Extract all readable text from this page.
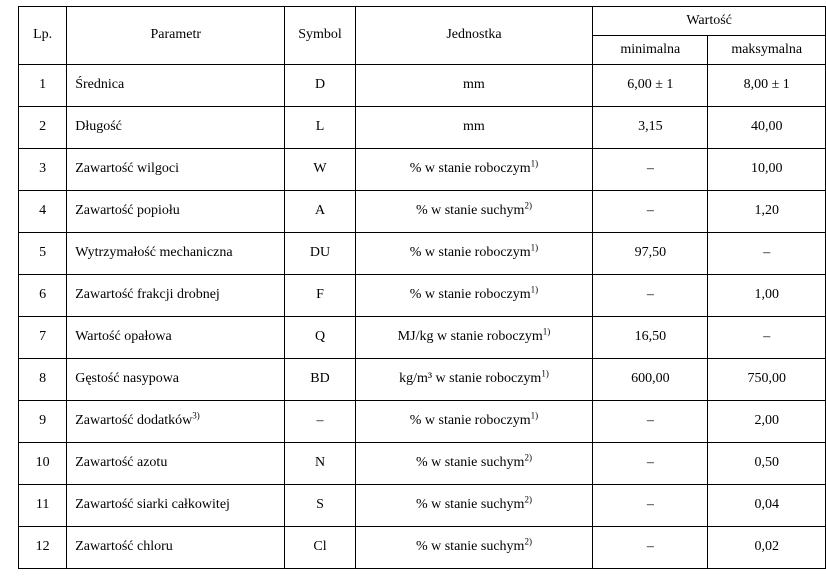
Lp.	Parametr	Symbol	Jednostka	Wartość	
				minimalna	maksymalna
1	Średnica	D	mm	6,00 ± 1	8,00 ± 1
2	Długość	L	mm	3,15	40,00
3	Zawartość wilgoci	W	% w stanie roboczym$^{1)}$	–	10,00
4	Zawartość popiołu	A	% w stanie suchym$^{2)}$	–	1,20
5	Wytrzymałość mechaniczna	DU	% w stanie roboczym$^{1)}$	97,50	–
6	Zawartość frakcji drobnej	F	% w stanie roboczym$^{1)}$	–	1,00
7	Wartość opałowa	Q	MJ/kg w stanie roboczym$^{1)}$	16,50	–
8	Gęstość nasypowa	BD	kg/m³ w stanie roboczym$^{1)}$	600,00	750,00
9	Zawartość dodatków$^{3)}$	–	% w stanie roboczym$^{1)}$	–	2,00
10	Zawartość azotu	N	% w stanie suchym$^{2)}$	–	0,50
11	Zawartość siarki całkowitej	S	% w stanie suchym$^{2)}$	–	0,04
12	Zawartość chloru	Cl	% w stanie suchym$^{2)}$	–	0,02
